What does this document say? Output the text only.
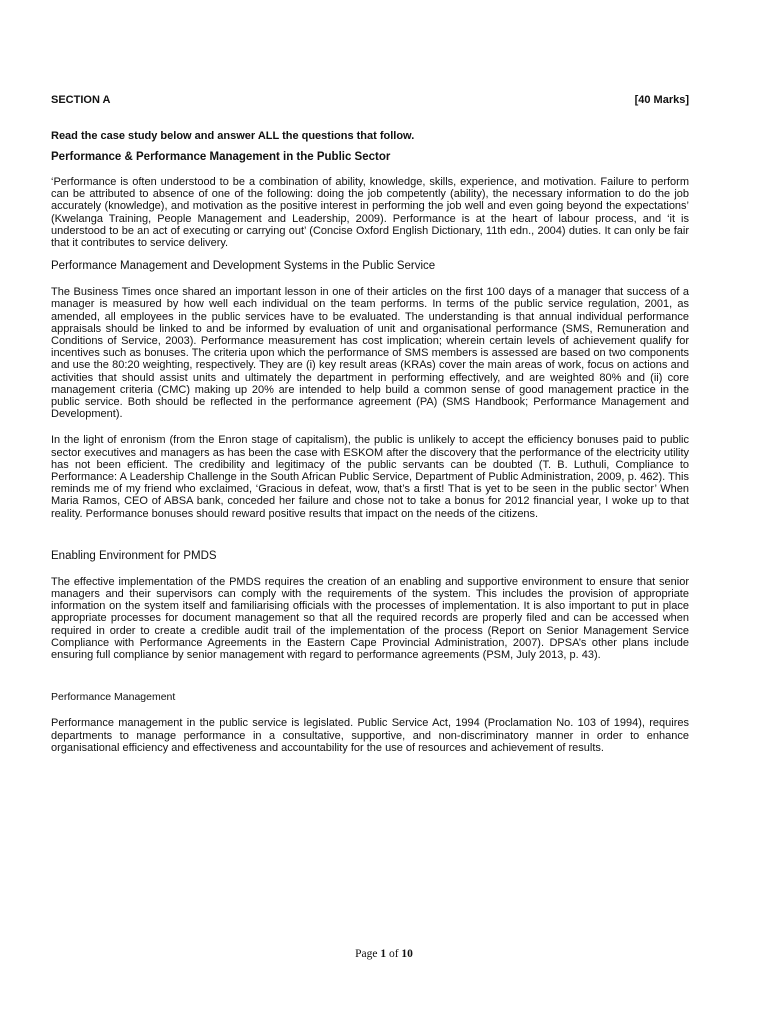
SECTION A	[40 Marks]

Read the case study below and answer ALL the questions that follow.

Performance & Performance Management in the Public Sector

‘Performance is often understood to be a combination of ability, knowledge, skills, experience, and motivation. Failure to perform can be attributed to absence of one of the following: doing the job competently (ability), the necessary information to do the job accurately (knowledge), and motivation as the positive interest in performing the job well and even going beyond the expectations’ (Kwelanga Training, People Management and Leadership, 2009). Performance is at the heart of labour process, and ‘it is understood to be an act of executing or carrying out’ (Concise Oxford English Dictionary, 11th edn., 2004) duties. It can only be fair that it contributes to service delivery.

Performance Management and Development Systems in the Public Service

The Business Times once shared an important lesson in one of their articles on the first 100 days of a manager that success of a manager is measured by how well each individual on the team performs. In terms of the public service regulation, 2001, as amended, all employees in the public services have to be evaluated. The understanding is that annual individual performance appraisals should be linked to and be informed by evaluation of unit and organisational performance (SMS, Remuneration and Conditions of Service, 2003). Performance measurement has cost implication; wherein certain levels of achievement qualify for incentives such as bonuses. The criteria upon which the performance of SMS members is assessed are based on two components and use the 80:20 weighting, respectively. They are (i) key result areas (KRAs) cover the main areas of work, focus on actions and activities that should assist units and ultimately the department in performing effectively, and are weighted 80% and (ii) core management criteria (CMC) making up 20% are intended to help build a common sense of good management practice in the public service. Both should be reflected in the performance agreement (PA) (SMS Handbook; Performance Management and Development).

In the light of enronism (from the Enron stage of capitalism), the public is unlikely to accept the efficiency bonuses paid to public sector executives and managers as has been the case with ESKOM after the discovery that the performance of the electricity utility has not been efficient. The credibility and legitimacy of the public servants can be doubted (T. B. Luthuli, Compliance to Performance: A Leadership Challenge in the South African Public Service, Department of Public Administration, 2009, p. 462). This reminds me of my friend who exclaimed, ‘Gracious in defeat, wow, that’s a first! That is yet to be seen in the public sector’ When Maria Ramos, CEO of ABSA bank, conceded her failure and chose not to take a bonus for 2012 financial year, I woke up to that reality. Performance bonuses should reward positive results that impact on the needs of the citizens.

Enabling Environment for PMDS

The effective implementation of the PMDS requires the creation of an enabling and supportive environment to ensure that senior managers and their supervisors can comply with the requirements of the system. This includes the provision of appropriate information on the system itself and familiarising officials with the processes of implementation. It is also important to put in place appropriate processes for document management so that all the required records are properly filed and can be accessed when required in order to create a credible audit trail of the implementation of the process (Report on Senior Management Service Compliance with Performance Agreements in the Eastern Cape Provincial Administration, 2007). DPSA’s other plans include ensuring full compliance by senior management with regard to performance agreements (PSM, July 2013, p. 43).

Performance Management

Performance management in the public service is legislated. Public Service Act, 1994 (Proclamation No. 103 of 1994), requires departments to manage performance in a consultative, supportive, and non-discriminatory manner in order to enhance organisational efficiency and effectiveness and accountability for the use of resources and achievement of results.

Page 1 of 10
